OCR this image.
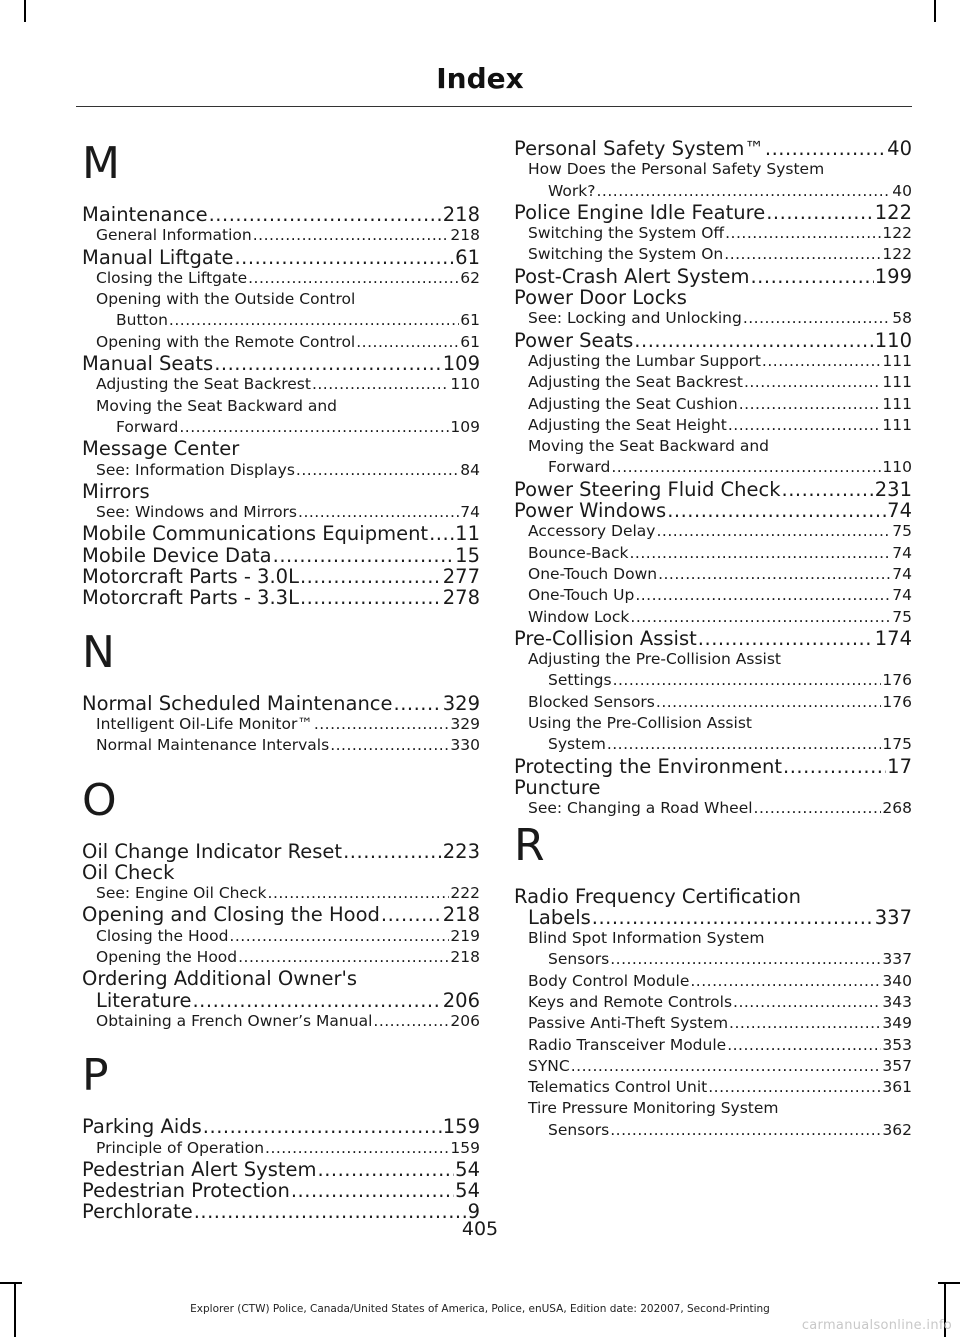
Index
M
Maintenance .....	218
General Information .....	218
Manual Liftgate .....	61
Closing the Liftgate .....	62
Opening with the Outside Control
Button .....	61
Opening with the Remote Control .....	61
Manual Seats .....	109
Adjusting the Seat Backrest .....	110
Moving the Seat Backward and
Forward .....	109
Message Center
See: Information Displays .....	84
Mirrors
See: Windows and Mirrors .....	74
Mobile Communications Equipment ..... 11
Mobile Device Data .....	15
Motorcraft Parts - 3.0L .....	277
Motorcraft Parts - 3.3L .....	278
N
Normal Scheduled Maintenance .....	329
Intelligent Oil-Life Monitor™ .....	329
Normal Maintenance Intervals .....	330
O
Oil Change Indicator Reset .....	223
Oil Check
See: Engine Oil Check .....	222
Opening and Closing the Hood .....	218
Closing the Hood .....	219
Opening the Hood .....	218
Ordering Additional Owner's
Literature .....	206
Obtaining a French Owner’s Manual .....	206
P
Parking Aids .....	159
Principle of Operation .....	159
Pedestrian Alert System .....	54
Pedestrian Protection .....	54
Perchlorate .....	9
Personal Safety System™ .....	40
How Does the Personal Safety System
Work? .....	40
Police Engine Idle Feature .....	122
Switching the System Off .....	122
Switching the System On .....	122
Post-Crash Alert System .....	199
Power Door Locks
See: Locking and Unlocking .....	58
Power Seats .....	110
Adjusting the Lumbar Support .....	111
Adjusting the Seat Backrest .....	111
Adjusting the Seat Cushion .....	111
Adjusting the Seat Height .....	111
Moving the Seat Backward and
Forward .....	110
Power Steering Fluid Check .....	231
Power Windows .....	74
Accessory Delay .....	75
Bounce-Back .....	74
One-Touch Down .....	74
One-Touch Up .....	74
Window Lock .....	75
Pre-Collision Assist .....	174
Adjusting the Pre-Collision Assist
Settings .....	176
Blocked Sensors .....	176
Using the Pre-Collision Assist
System .....	175
Protecting the Environment .....	17
Puncture
See: Changing a Road Wheel .....	268
R
Radio Frequency Certification
Labels .....	337
Blind Spot Information System
Sensors .....	337
Body Control Module .....	340
Keys and Remote Controls .....	343
Passive Anti-Theft System .....	349
Radio Transceiver Module .....	353
SYNC .....	357
Telematics Control Unit .....	361
Tire Pressure Monitoring System
Sensors .....	362
405
Explorer (CTW) Police, Canada/United States of America, Police, enUSA, Edition date: 202007, Second-Printing
carmanualsonline.info
